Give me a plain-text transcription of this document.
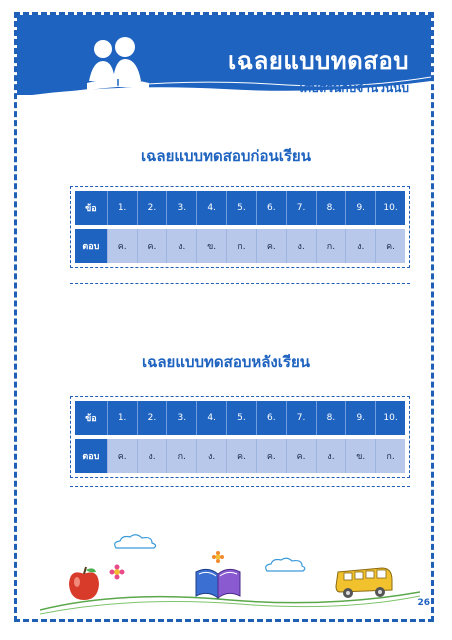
เฉลยแบบทดสอบ
เศษส่วนกับจำนวนนับ
เฉลยแบบทดสอบก่อนเรียน
ข้อ	1.	2.	3.	4.	5.	6.	7.	8.	9.	10.
ตอบ	ค.	ค.	ง.	ข.	ก.	ค.	ง.	ก.	ง.	ค.
เฉลยแบบทดสอบหลังเรียน
ข้อ	1.	2.	3.	4.	5.	6.	7.	8.	9.	10.
ตอบ	ค.	ง.	ก.	ง.	ค.	ค.	ค.	ง.	ข.	ก.
26
